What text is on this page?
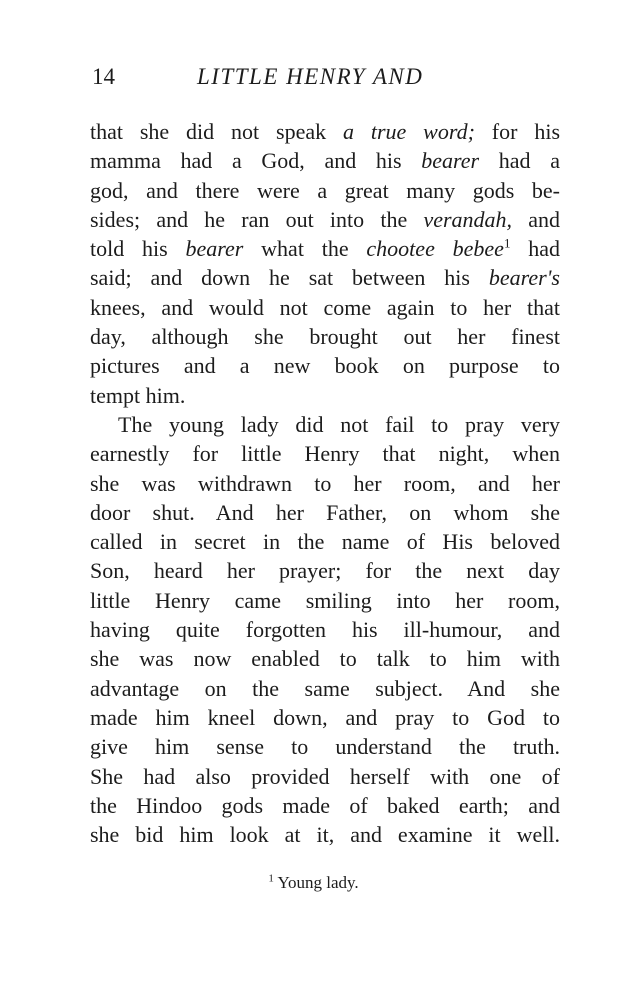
14	LITTLE HENRY AND
that she did not speak a true word; for his
mamma had a God, and his bearer had a
god, and there were a great many gods be-
sides; and he ran out into the verandah, and
told his bearer what the chootee bebee$^1$ had
said; and down he sat between his bearer's
knees, and would not come again to her that
day, although she brought out her finest
pictures and a new book on purpose to
tempt him.
The young lady did not fail to pray very
earnestly for little Henry that night, when
she was withdrawn to her room, and her
door shut. And her Father, on whom she
called in secret in the name of His beloved
Son, heard her prayer; for the next day
little Henry came smiling into her room,
having quite forgotten his ill-humour, and
she was now enabled to talk to him with
advantage on the same subject. And she
made him kneel down, and pray to God to
give him sense to understand the truth.
She had also provided herself with one of
the Hindoo gods made of baked earth; and
she bid him look at it, and examine it well.
$^1$ Young lady.
